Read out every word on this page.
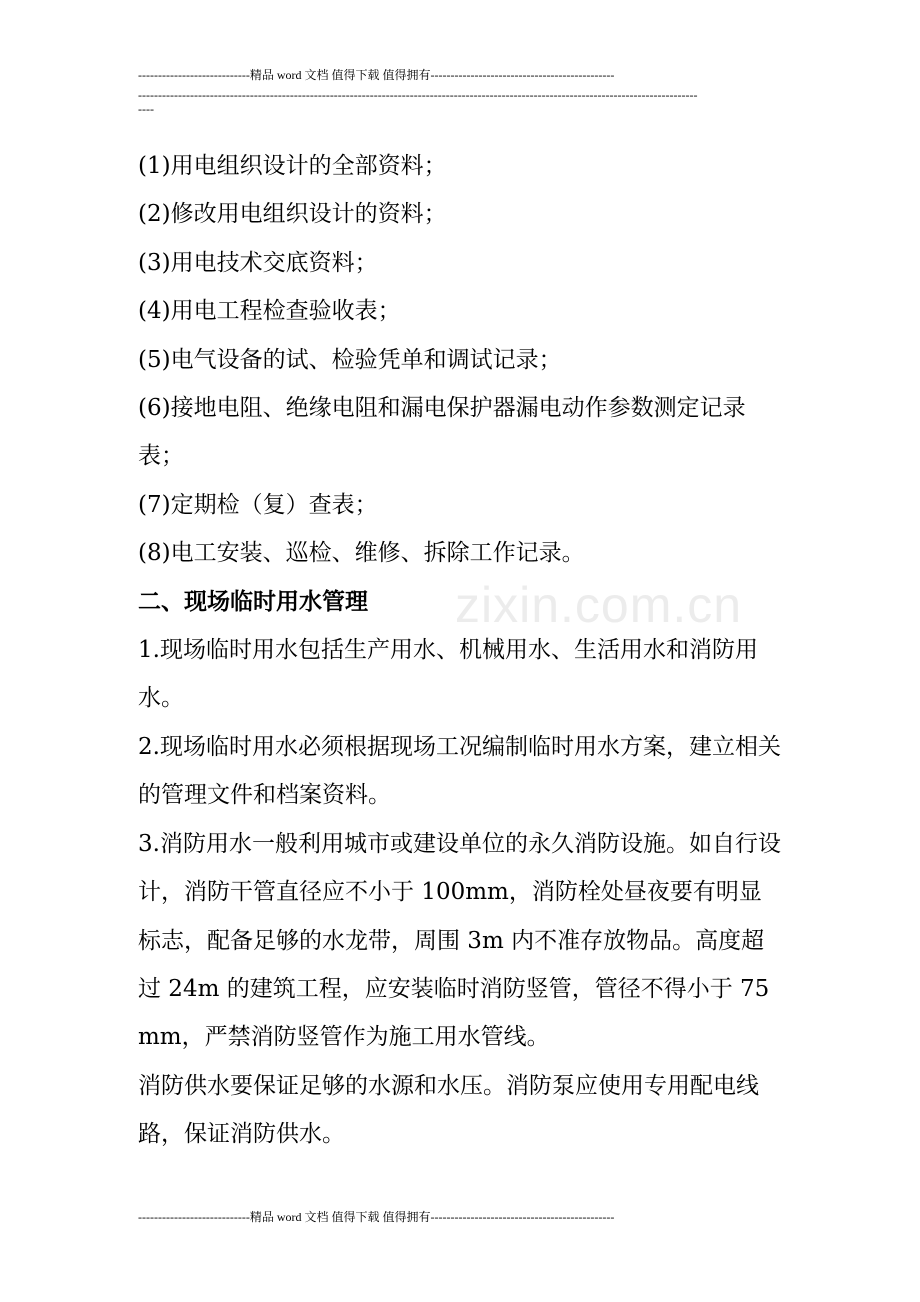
----------------------------精品 word 文档 值得下载 值得拥有----------------------------------------------
--------------------------------------------------------------------------------------------------------------------------------------------
----
zixin.com.cn

(1)用电组织设计的全部资料；

(2)修改用电组织设计的资料；

(3)用电技术交底资料；

(4)用电工程检查验收表；

(5)电气设备的试、检验凭单和调试记录；

(6)接地电阻、绝缘电阻和漏电保护器漏电动作参数测定记录表；

(7)定期检（复）查表；

(8)电工安装、巡检、维修、拆除工作记录。

二、现场临时用水管理

1.现场临时用水包括生产用水、机械用水、生活用水和消防用水。

2.现场临时用水必须根据现场工况编制临时用水方案，建立相关的管理文件和档案资料。

3.消防用水一般利用城市或建设单位的永久消防设施。如自行设计，消防干管直径应不小于 100mm，消防栓处昼夜要有明显标志，配备足够的水龙带，周围 3m 内不准存放物品。高度超过 24m 的建筑工程，应安装临时消防竖管，管径不得小于 75mm，严禁消防竖管作为施工用水管线。

消防供水要保证足够的水源和水压。消防泵应使用专用配电线路，保证消防供水。

----------------------------精品 word 文档 值得下载 值得拥有----------------------------------------------
